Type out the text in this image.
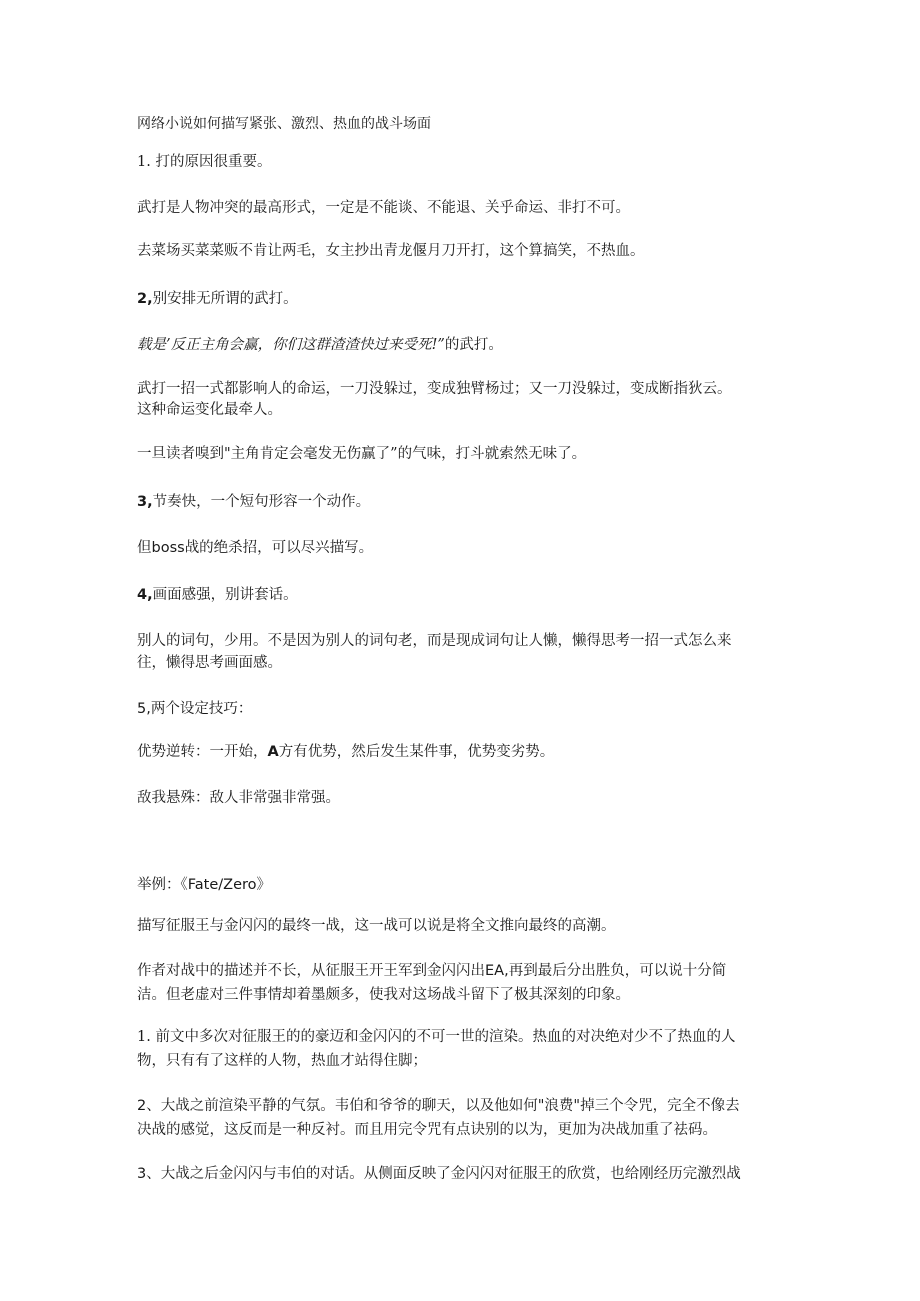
网络小说如何描写紧张、激烈、热血的战斗场面

1. 打的原因很重要。

武打是人物冲突的最高形式，一定是不能谈、不能退、关乎命运、非打不可。

去菜场买菜菜贩不肯让两毛，女主抄出青龙偃月刀开打，这个算搞笑，不热血。

2,别安排无所谓的武打。

载是’反正主角会赢，你们这群渣渣快过来受死!”的武打。

武打一招一式都影响人的命运，一刀没躲过，变成独臂杨过；又一刀没躲过，变成断指狄云。

这种命运变化最牵人。

一旦读者嗅到"主角肯定会毫发无伤赢了”的气味，打斗就索然无味了。

3,节奏快，一个短句形容一个动作。

但boss战的绝杀招，可以尽兴描写。

4,画面感强，别讲套话。

别人的词句，少用。不是因为别人的词句老，而是现成词句让人懒，懒得思考一招一式怎么来

往，懒得思考画面感。

5,两个设定技巧：

优势逆转：一开始，A方有优势，然后发生某件事，优势变劣势。

敌我悬殊：敌人非常强非常强。

举例：《Fate/Zero》

描写征服王与金闪闪的最终一战，这一战可以说是将全文推向最终的高潮。

作者对战中的描述并不长，从征服王开王军到金闪闪出EA,再到最后分出胜负，可以说十分简

洁。但老虚对三件事情却着墨颇多，使我对这场战斗留下了极其深刻的印象。

1. 前文中多次对征服王的的豪迈和金闪闪的不可一世的渲染。热血的对决绝对少不了热血的人

物，只有有了这样的人物，热血才站得住脚；

2、大战之前渲染平静的气氛。韦伯和爷爷的聊天，以及他如何"浪费"掉三个令咒，完全不像去

决战的感觉，这反而是一种反衬。而且用完令咒有点诀别的以为，更加为决战加重了祛码。

3、大战之后金闪闪与韦伯的对话。从侧面反映了金闪闪对征服王的欣赏，也给刚经历完激烈战
